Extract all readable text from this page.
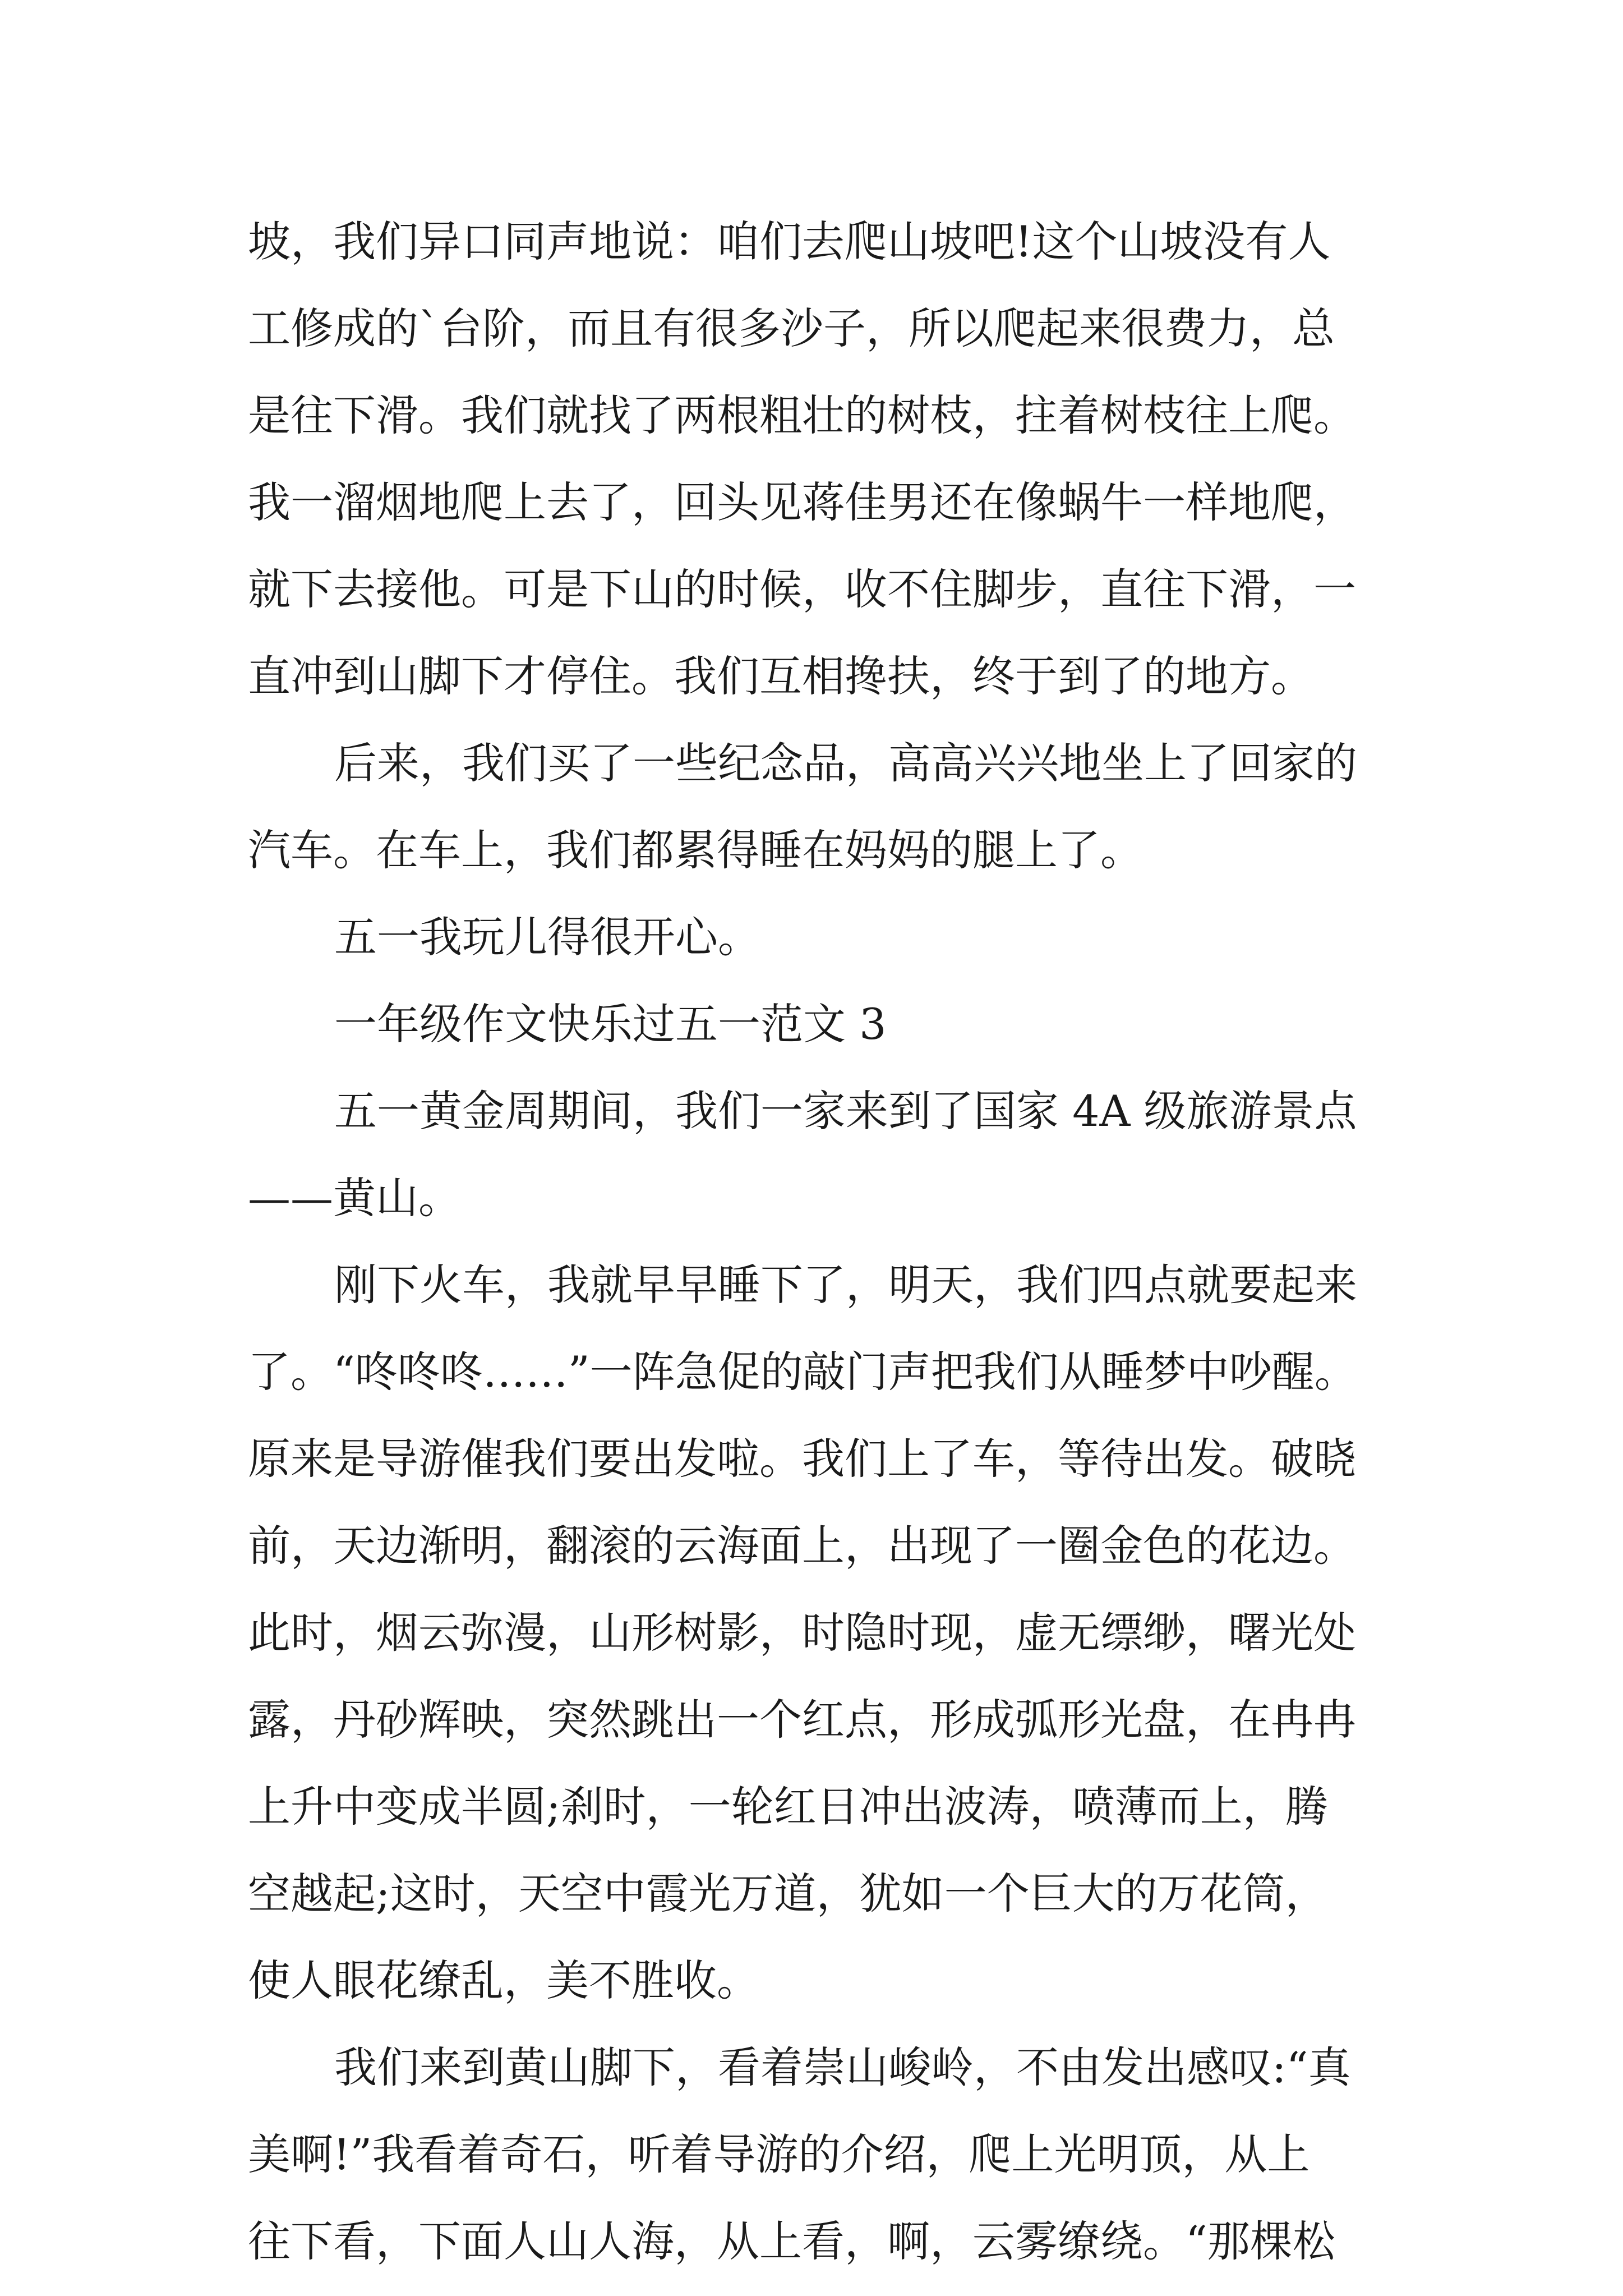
坡，我们异口同声地说：咱们去爬山坡吧!这个山坡没有人

工修成的`台阶，而且有很多沙子，所以爬起来很费力，总

是往下滑。我们就找了两根粗壮的树枝，拄着树枝往上爬。

我一溜烟地爬上去了，回头见蒋佳男还在像蜗牛一样地爬，

就下去接他。可是下山的时候，收不住脚步，直往下滑，一

直冲到山脚下才停住。我们互相搀扶，终于到了的地方。

后来，我们买了一些纪念品，高高兴兴地坐上了回家的

汽车。在车上，我们都累得睡在妈妈的腿上了。

五一我玩儿得很开心。

一年级作文快乐过五一范文 3

五一黄金周期间，我们一家来到了国家 4A 级旅游景点

——黄山。

刚下火车，我就早早睡下了，明天，我们四点就要起来

了。“咚咚咚……”一阵急促的敲门声把我们从睡梦中吵醒。

原来是导游催我们要出发啦。我们上了车，等待出发。破晓

前，天边渐明，翻滚的云海面上，出现了一圈金色的花边。

此时，烟云弥漫，山形树影，时隐时现，虚无缥缈，曙光处

露，丹砂辉映，突然跳出一个红点，形成弧形光盘，在冉冉

上升中变成半圆;刹时，一轮红日冲出波涛，喷薄而上，腾

空越起;这时，天空中霞光万道，犹如一个巨大的万花筒，

使人眼花缭乱，美不胜收。

我们来到黄山脚下，看着崇山峻岭，不由发出感叹:“真

美啊!”我看着奇石，听着导游的介绍，爬上光明顶，从上

往下看，下面人山人海，从上看，啊，云雾缭绕。“那棵松
